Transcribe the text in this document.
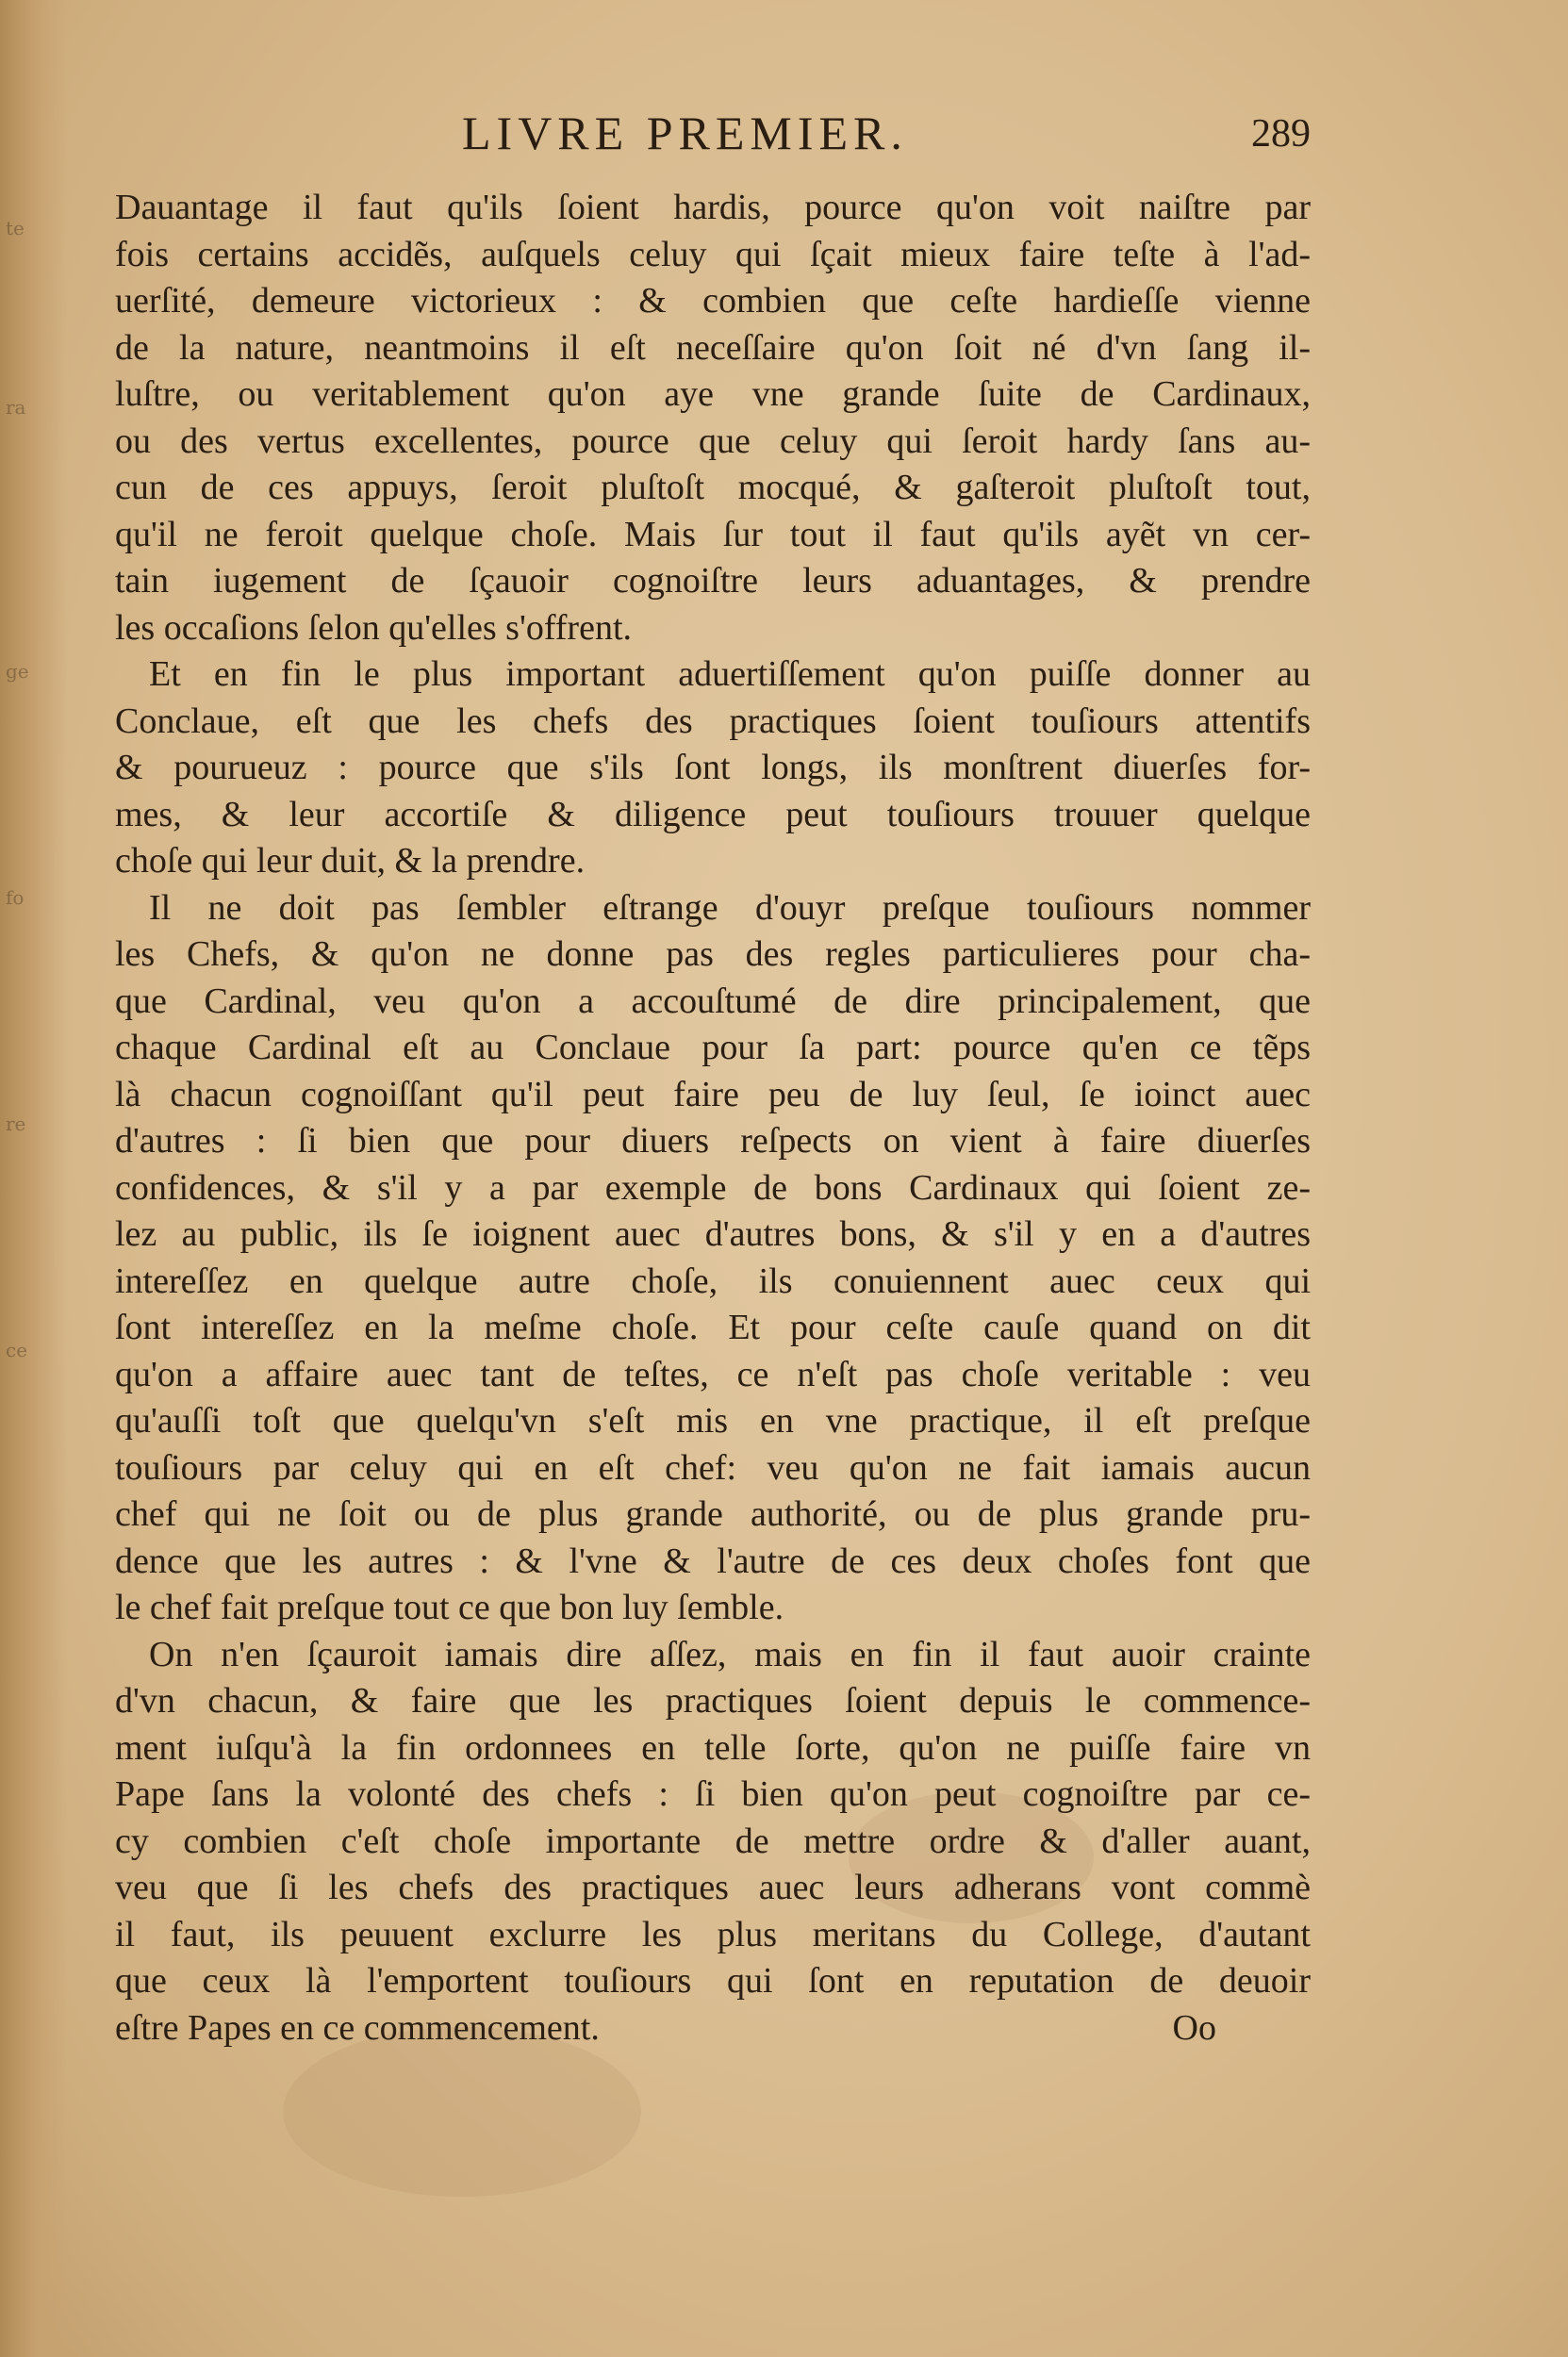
te
ra
ge
fo
re
ce
LIVRE PREMIER.	289
Dauantage il faut qu'ils ſoient hardis, pource qu'on voit naiſtre par
fois certains accidẽs, auſquels celuy qui ſçait mieux faire teſte à l'ad-
uerſité, demeure victorieux : & combien que ceſte hardieſſe vienne
de la nature, neantmoins il eſt neceſſaire qu'on ſoit né d'vn ſang il-
luſtre, ou veritablement qu'on aye vne grande ſuite de Cardinaux,
ou des vertus excellentes, pource que celuy qui ſeroit hardy ſans au-
cun de ces appuys, ſeroit pluſtoſt mocqué, & gaſteroit pluſtoſt tout,
qu'il ne feroit quelque choſe. Mais ſur tout il faut qu'ils ayẽt vn cer-
tain iugement de ſçauoir cognoiſtre leurs aduantages, & prendre
les occaſions ſelon qu'elles s'offrent.
Et en fin le plus important aduertiſſement qu'on puiſſe donner au
Conclaue, eſt que les chefs des practiques ſoient touſiours attentifs
& pourueuz : pource que s'ils ſont longs, ils monſtrent diuerſes for-
mes, & leur accortiſe & diligence peut touſiours trouuer quelque
choſe qui leur duit, & la prendre.
Il ne doit pas ſembler eſtrange d'ouyr preſque touſiours nommer
les Chefs, & qu'on ne donne pas des regles particulieres pour cha-
que Cardinal, veu qu'on a accouſtumé de dire principalement, que
chaque Cardinal eſt au Conclaue pour ſa part: pource qu'en ce tẽps
là chacun cognoiſſant qu'il peut faire peu de luy ſeul, ſe ioinct auec
d'autres : ſi bien que pour diuers reſpects on vient à faire diuerſes
confidences, & s'il y a par exemple de bons Cardinaux qui ſoient ze-
lez au public, ils ſe ioignent auec d'autres bons, & s'il y en a d'autres
intereſſez en quelque autre choſe, ils conuiennent auec ceux qui
ſont intereſſez en la meſme choſe. Et pour ceſte cauſe quand on dit
qu'on a affaire auec tant de teſtes, ce n'eſt pas choſe veritable : veu
qu'auſſi toſt que quelqu'vn s'eſt mis en vne practique, il eſt preſque
touſiours par celuy qui en eſt chef: veu qu'on ne fait iamais aucun
chef qui ne ſoit ou de plus grande authorité, ou de plus grande pru-
dence que les autres : & l'vne & l'autre de ces deux choſes font que
le chef fait preſque tout ce que bon luy ſemble.
On n'en ſçauroit iamais dire aſſez, mais en fin il faut auoir crainte
d'vn chacun, & faire que les practiques ſoient depuis le commence-
ment iuſqu'à la fin ordonnees en telle ſorte, qu'on ne puiſſe faire vn
Pape ſans la volonté des chefs : ſi bien qu'on peut cognoiſtre par ce-
cy combien c'eſt choſe importante de mettre ordre & d'aller auant,
veu que ſi les chefs des practiques auec leurs adherans vont commè
il faut, ils peuuent exclurre les plus meritans du College, d'autant
que ceux là l'emportent touſiours qui ſont en reputation de deuoir
eſtre Papes en ce commencement.	Oo
